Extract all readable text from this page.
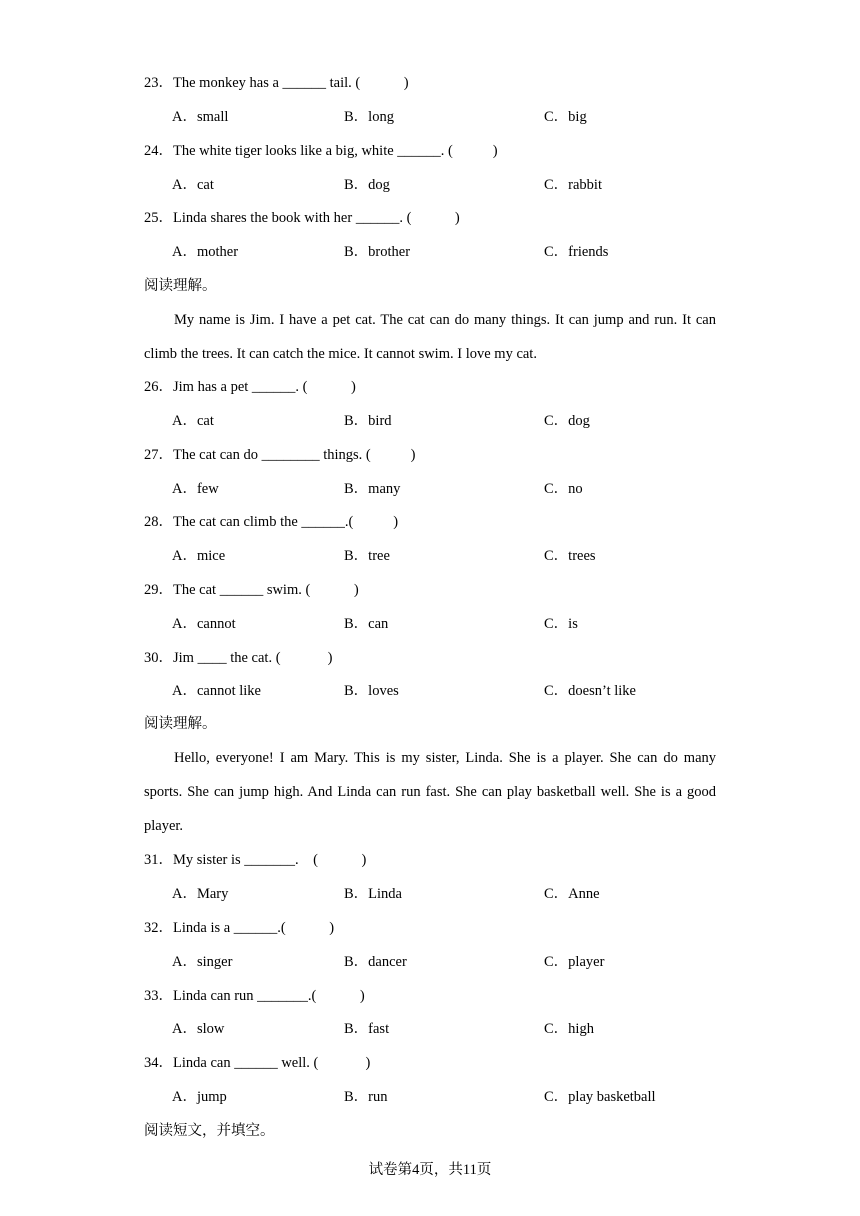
23．The monkey has a ______ tail. (            )
A．small	B．long	C．big
24．The white tiger looks like a big, white ______. (           )
A．cat	B．dog	C．rabbit
25．Linda shares the book with her ______. (            )
A．mother	B．brother	C．friends
阅读理解。

My name is Jim. I have a pet cat. The cat can do many things. It can jump and run. It can climb the trees. It can catch the mice. It cannot swim. I love my cat.

26．Jim has a pet ______. (            )
A．cat	B．bird	C．dog
27．The cat can do ________ things. (           )
A．few	B．many	C．no
28．The cat can climb the ______.(           )
A．mice	B．tree	C．trees
29．The cat ______ swim. (            )
A．cannot	B．can	C．is
30．Jim ____ the cat. (             )
A．cannot like	B．loves	C．doesn’t like
阅读理解。

Hello, everyone! I am Mary. This is my sister, Linda. She is a player. She can do many sports. She can jump high. And Linda can run fast. She can play basketball well. She is a good player.

31．My sister is _______.    (            )
A．Mary	B．Linda	C．Anne
32．Linda is a ______.(            )
A．singer	B．dancer	C．player
33．Linda can run _______.(            )
A．slow	B．fast	C．high
34．Linda can ______ well. (             )
A．jump	B．run	C．play basketball
阅读短文，并填空。
试卷第4页，共11页
